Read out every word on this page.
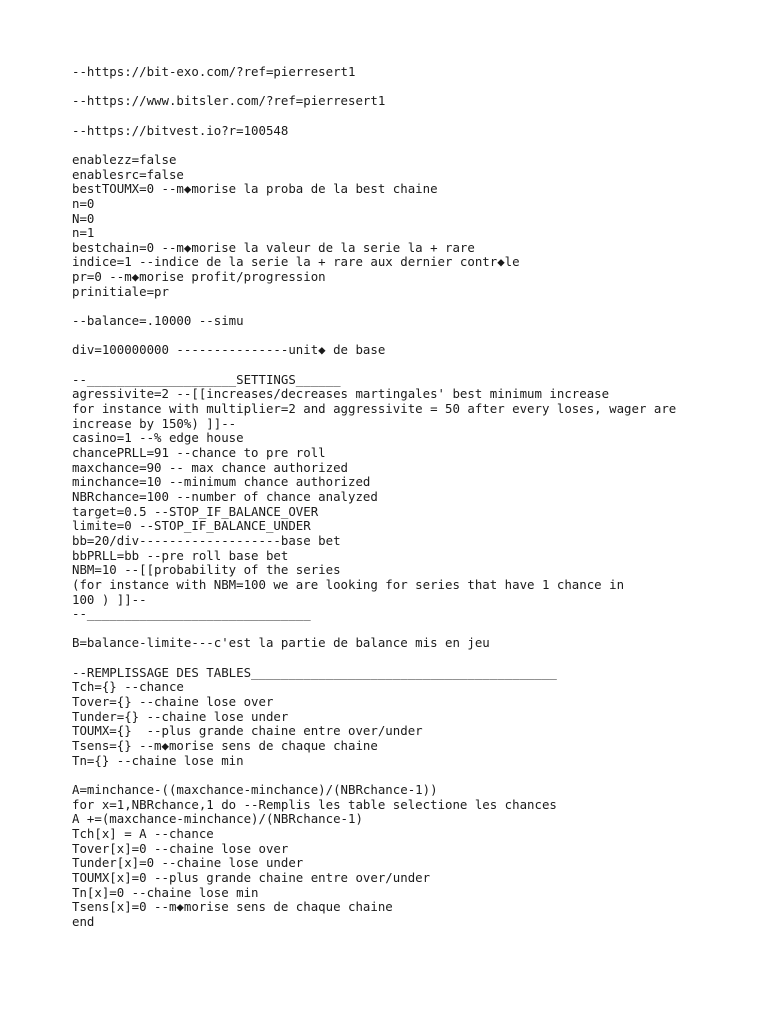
--https://bit-exo.com/?ref=pierresert1
--https://www.bitsler.com/?ref=pierresert1
--https://bitvest.io?r=100548
enablezz=false
enablesrc=false
bestTOUMX=0 --m◆morise la proba de la best chaine
n=0
N=0
n=1
bestchain=0 --m◆morise la valeur de la serie la + rare
indice=1 --indice de la serie la + rare aux dernier contr◆le
pr=0 --m◆morise profit/progression
prinitiale=pr
--balance=.10000 --simu
div=100000000 ---------------unit◆ de base
--____________________SETTINGS______
agressivite=2 --[[increases/decreases martingales' best minimum increase
for instance with multiplier=2 and aggressivite = 50 after every loses, wager are
increase by 150%) ]]--
casino=1 --% edge house
chancePRLL=91 --chance to pre roll
maxchance=90 -- max chance authorized
minchance=10 --minimum chance authorized
NBRchance=100 --number of chance analyzed
target=0.5 --STOP_IF_BALANCE_OVER
limite=0 --STOP_IF_BALANCE_UNDER
bb=20/div-------------------base bet
bbPRLL=bb --pre roll base bet
NBM=10 --[[probability of the series
(for instance with NBM=100 we are looking for series that have 1 chance in
100 ) ]]--
--______________________________
B=balance-limite---c'est la partie de balance mis en jeu
--REMPLISSAGE DES TABLES_________________________________________
Tch={} --chance
Tover={} --chaine lose over
Tunder={} --chaine lose under
TOUMX={}  --plus grande chaine entre over/under
Tsens={} --m◆morise sens de chaque chaine
Tn={} --chaine lose min
A=minchance-((maxchance-minchance)/(NBRchance-1))
for x=1,NBRchance,1 do --Remplis les table selectione les chances
A +=(maxchance-minchance)/(NBRchance-1)
Tch[x] = A --chance
Tover[x]=0 --chaine lose over
Tunder[x]=0 --chaine lose under
TOUMX[x]=0 --plus grande chaine entre over/under
Tn[x]=0 --chaine lose min
Tsens[x]=0 --m◆morise sens de chaque chaine
end
